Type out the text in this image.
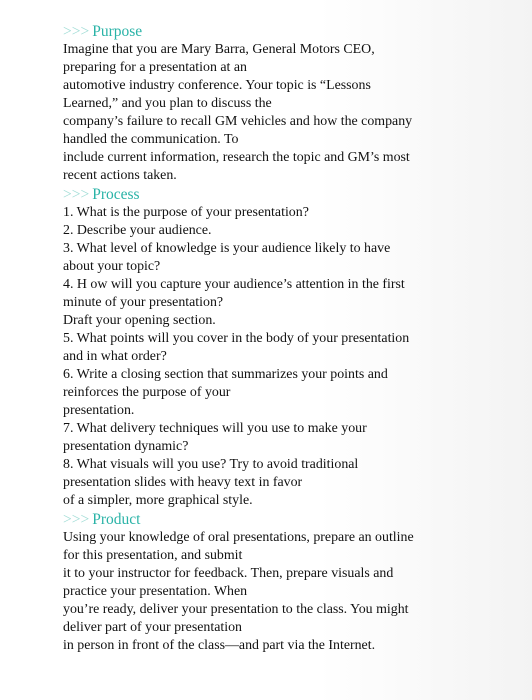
>>> Purpose
Imagine that you are Mary Barra, General Motors CEO,
preparing for a presentation at an
automotive industry conference. Your topic is “Lessons
Learned,” and you plan to discuss the
company’s failure to recall GM vehicles and how the company
handled the communication. To
include current information, research the topic and GM’s most
recent actions taken.
>>> Process
1. What is the purpose of your presentation?
2. Describe your audience.
3. What level of knowledge is your audience likely to have
about your topic?
4. H ow will you capture your audience’s attention in the first
minute of your presentation?
Draft your opening section.
5. What points will you cover in the body of your presentation
and in what order?
6. Write a closing section that summarizes your points and
reinforces the purpose of your
presentation.
7. What delivery techniques will you use to make your
presentation dynamic?
8. What visuals will you use? Try to avoid traditional
presentation slides with heavy text in favor
of a simpler, more graphical style.
>>> Product
Using your knowledge of oral presentations, prepare an outline
for this presentation, and submit
it to your instructor for feedback. Then, prepare visuals and
practice your presentation. When
you’re ready, deliver your presentation to the class. You might
deliver part of your presentation
in person in front of the class—and part via the Internet.
